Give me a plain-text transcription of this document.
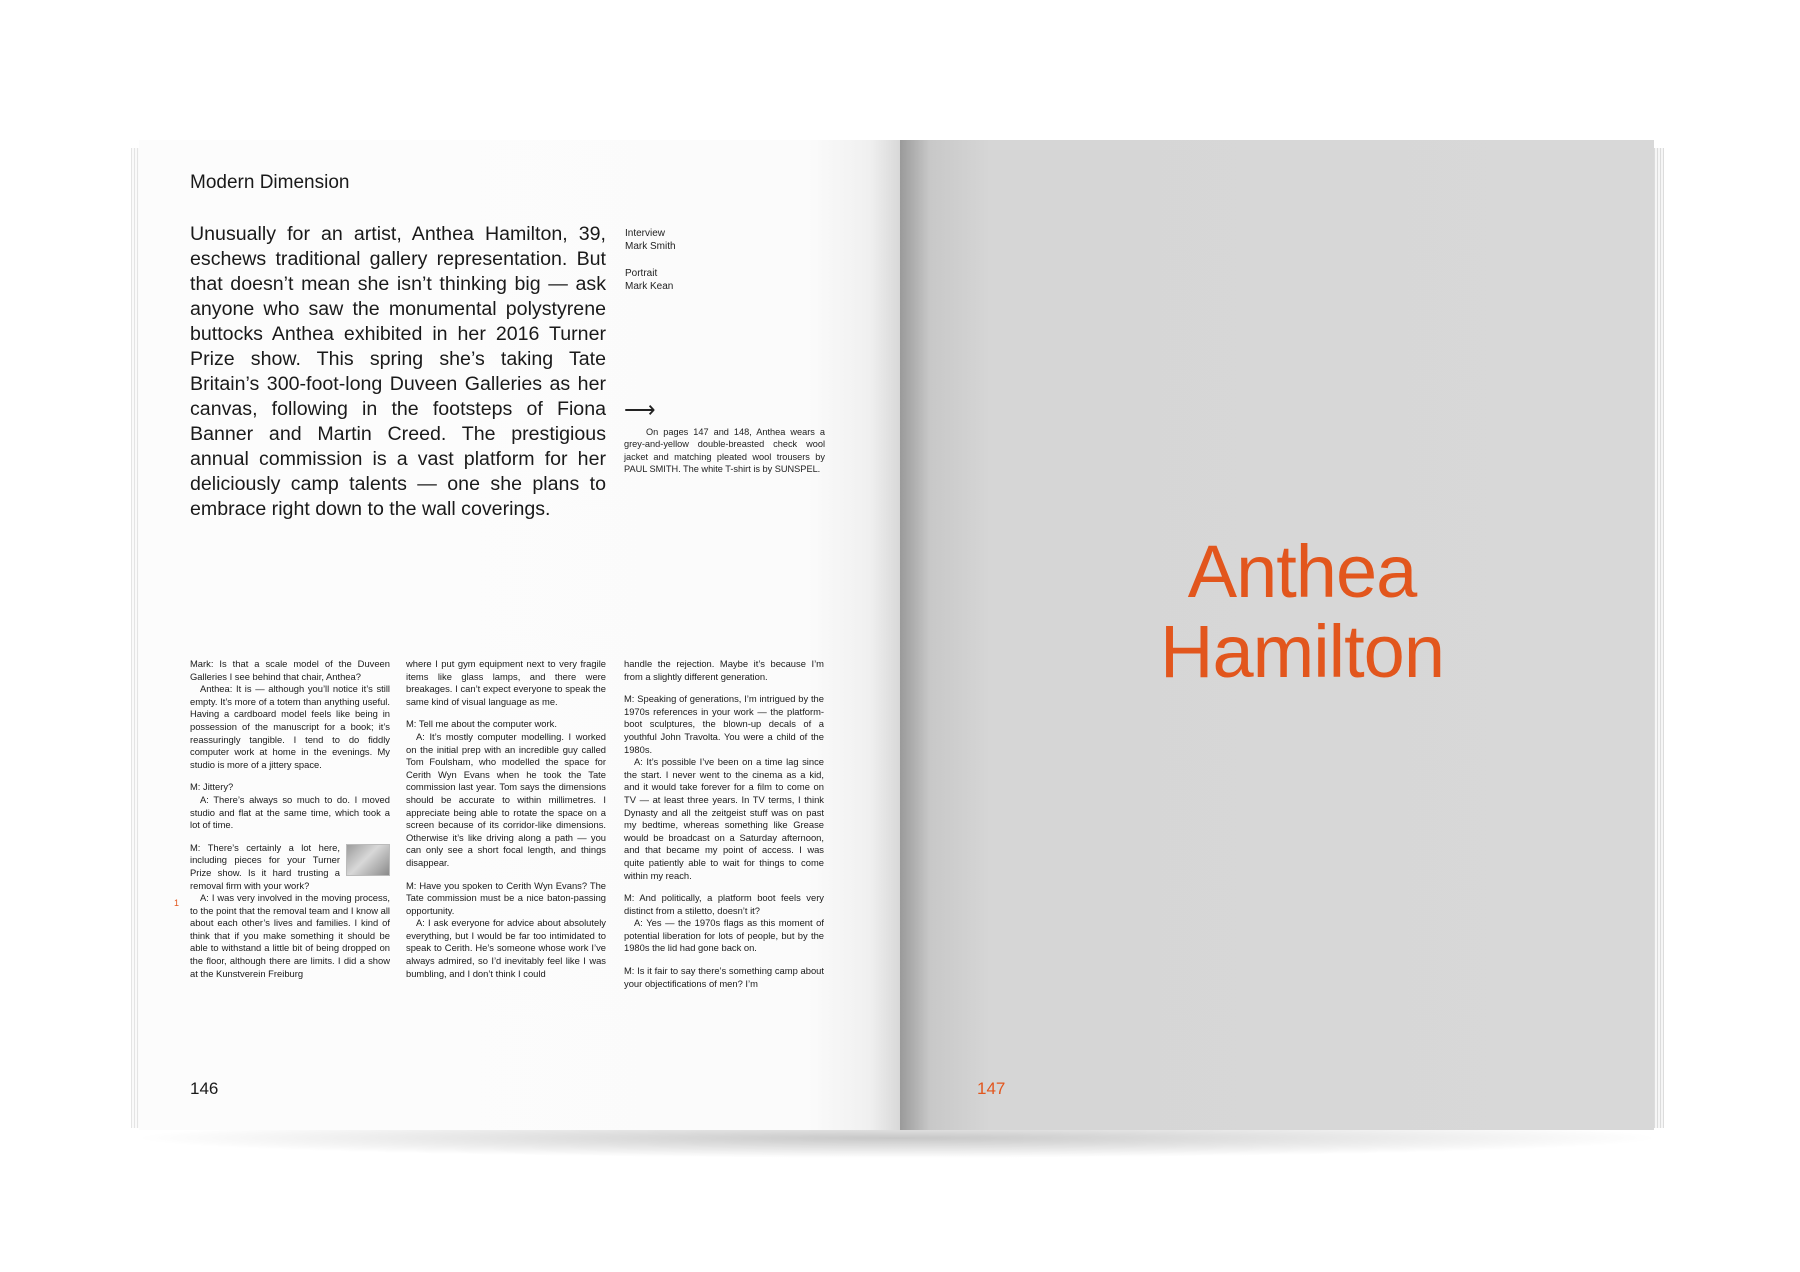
Modern Dimension
Unusually for an artist, Anthea Hamilton, 39, eschews traditional gallery representation. But that doesn’t mean she isn’t thinking big — ask anyone who saw the monumental polystyrene buttocks Anthea exhibited in her 2016 Turner Prize show. This spring she’s taking Tate Britain’s 300-foot-long Duveen Galleries as her canvas, following in the footsteps of Fiona Banner and Martin Creed. The prestigious annual commission is a vast platform for her deliciously camp talents — one she plans to embrace right down to the wall coverings.
Interview
Mark Smith
Portrait
Mark Kean
⟶
On pages 147 and 148, Anthea wears a grey-and-yellow double-breasted check wool jacket and matching pleated wool trousers by PAUL SMITH. The white T-shirt is by SUNSPEL.

Mark: Is that a scale model of the Duveen Galleries I see behind that chair, Anthea?
Anthea: It is — although you’ll notice it’s still empty. It’s more of a totem than anything useful. Having a cardboard model feels like being in possession of the manuscript for a book; it’s reassuringly tangible. I tend to do fiddly computer work at home in the evenings. My studio is more of a jittery space.

M: Jittery?
A: There’s always so much to do. I moved studio and flat at the same time, which took a lot of time.

M: There’s certainly a lot here, including pieces for your Turner Prize show. Is it hard trusting a removal firm with your work?
A: I was very involved in the moving process, to the point that the removal team and I know all about each other’s lives and families. I kind of think that if you make something it should be able to withstand a little bit of being dropped on the floor, although there are limits. I did a show at the Kunstverein Freiburg

1

where I put gym equipment next to very fragile items like glass lamps, and there were breakages. I can’t expect everyone to speak the same kind of visual language as me.

M: Tell me about the computer work.
A: It’s mostly computer modelling. I worked on the initial prep with an incredible guy called Tom Foulsham, who modelled the space for Cerith Wyn Evans when he took the Tate commission last year. Tom says the dimensions should be accurate to within millimetres. I appreciate being able to rotate the space on a screen because of its corridor-like dimensions. Otherwise it’s like driving along a path — you can only see a short focal length, and things disappear.

M: Have you spoken to Cerith Wyn Evans? The Tate commission must be a nice baton-passing opportunity.
A: I ask everyone for advice about absolutely everything, but I would be far too intimidated to speak to Cerith. He’s someone whose work I’ve always admired, so I’d inevitably feel like I was bumbling, and I don’t think I could

handle the rejection. Maybe it’s because I’m from a slightly different generation.

M: Speaking of generations, I’m intrigued by the 1970s references in your work — the platform-boot sculptures, the blown-up decals of a youthful John Travolta. You were a child of the 1980s.
A: It’s possible I’ve been on a time lag since the start. I never went to the cinema as a kid, and it would take forever for a film to come on TV — at least three years. In TV terms, I think Dynasty and all the zeitgeist stuff was on past my bedtime, whereas something like Grease would be broadcast on a Saturday afternoon, and that became my point of access. I was quite patiently able to wait for things to come within my reach.

M: And politically, a platform boot feels very distinct from a stiletto, doesn’t it?
A: Yes — the 1970s flags as this moment of potential liberation for lots of people, but by the 1980s the lid had gone back on.

M: Is it fair to say there’s something camp about your objectifications of men? I’m

146	147
Anthea
Hamilton
